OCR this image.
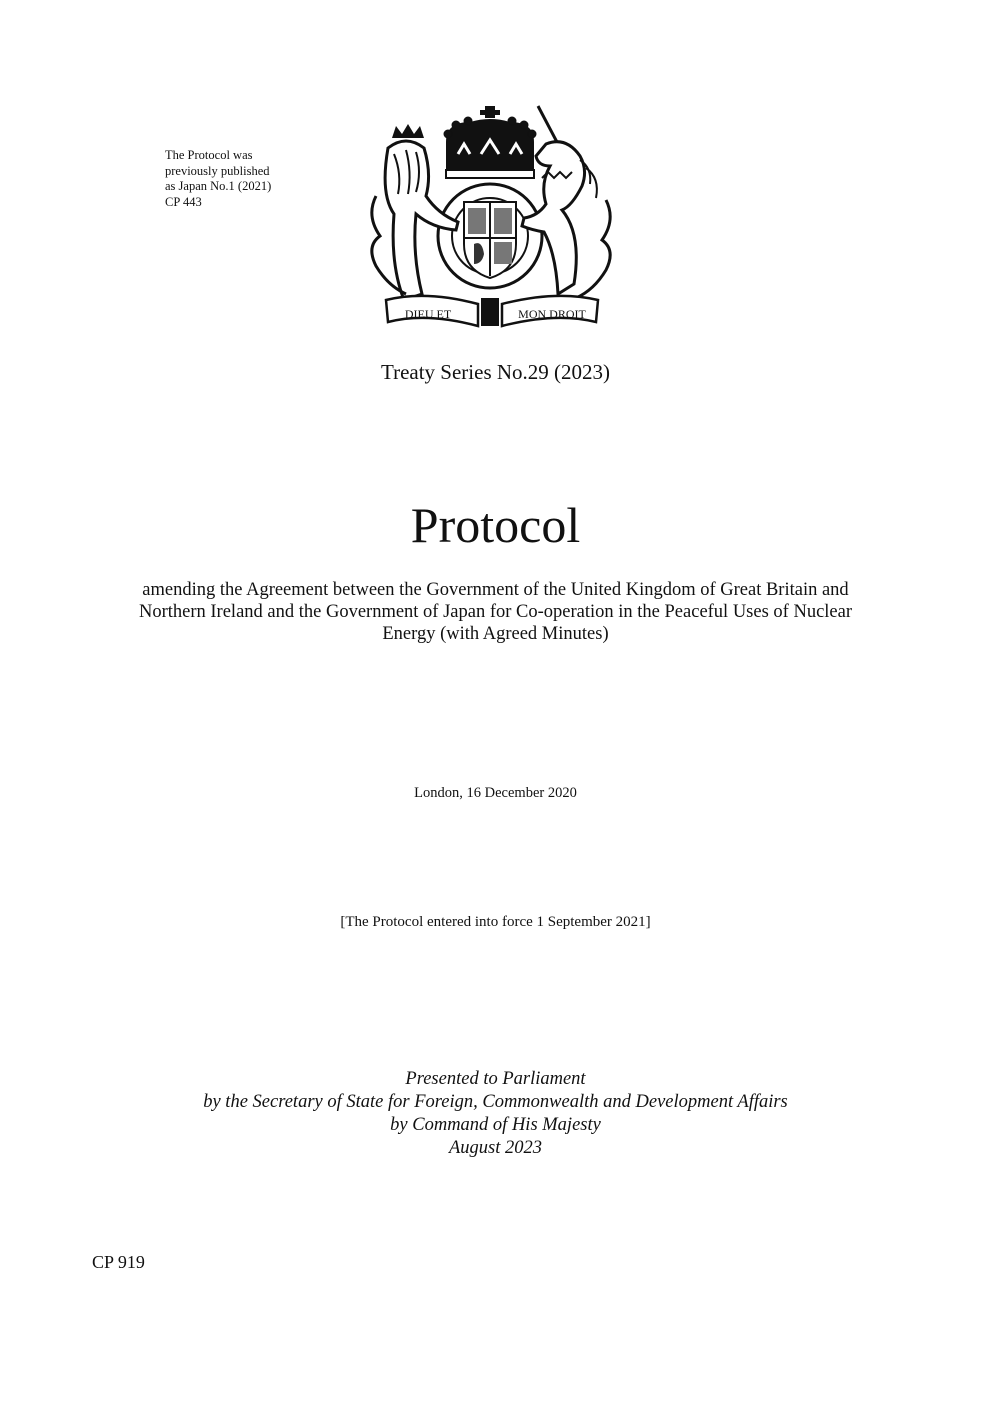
The Protocol was
previously published
as Japan No.1 (2021)
CP 443
DIEU ET	MON DROIT
Treaty Series No.29 (2023)
Protocol
amending the Agreement between the Government of the United Kingdom of Great Britain and
Northern Ireland and the Government of Japan for Co-operation in the Peaceful Uses of Nuclear
Energy (with Agreed Minutes)
London, 16 December 2020
[The Protocol entered into force 1 September 2021]
Presented to Parliament
by the Secretary of State for Foreign, Commonwealth and Development Affairs
by Command of His Majesty
August 2023
CP 919
